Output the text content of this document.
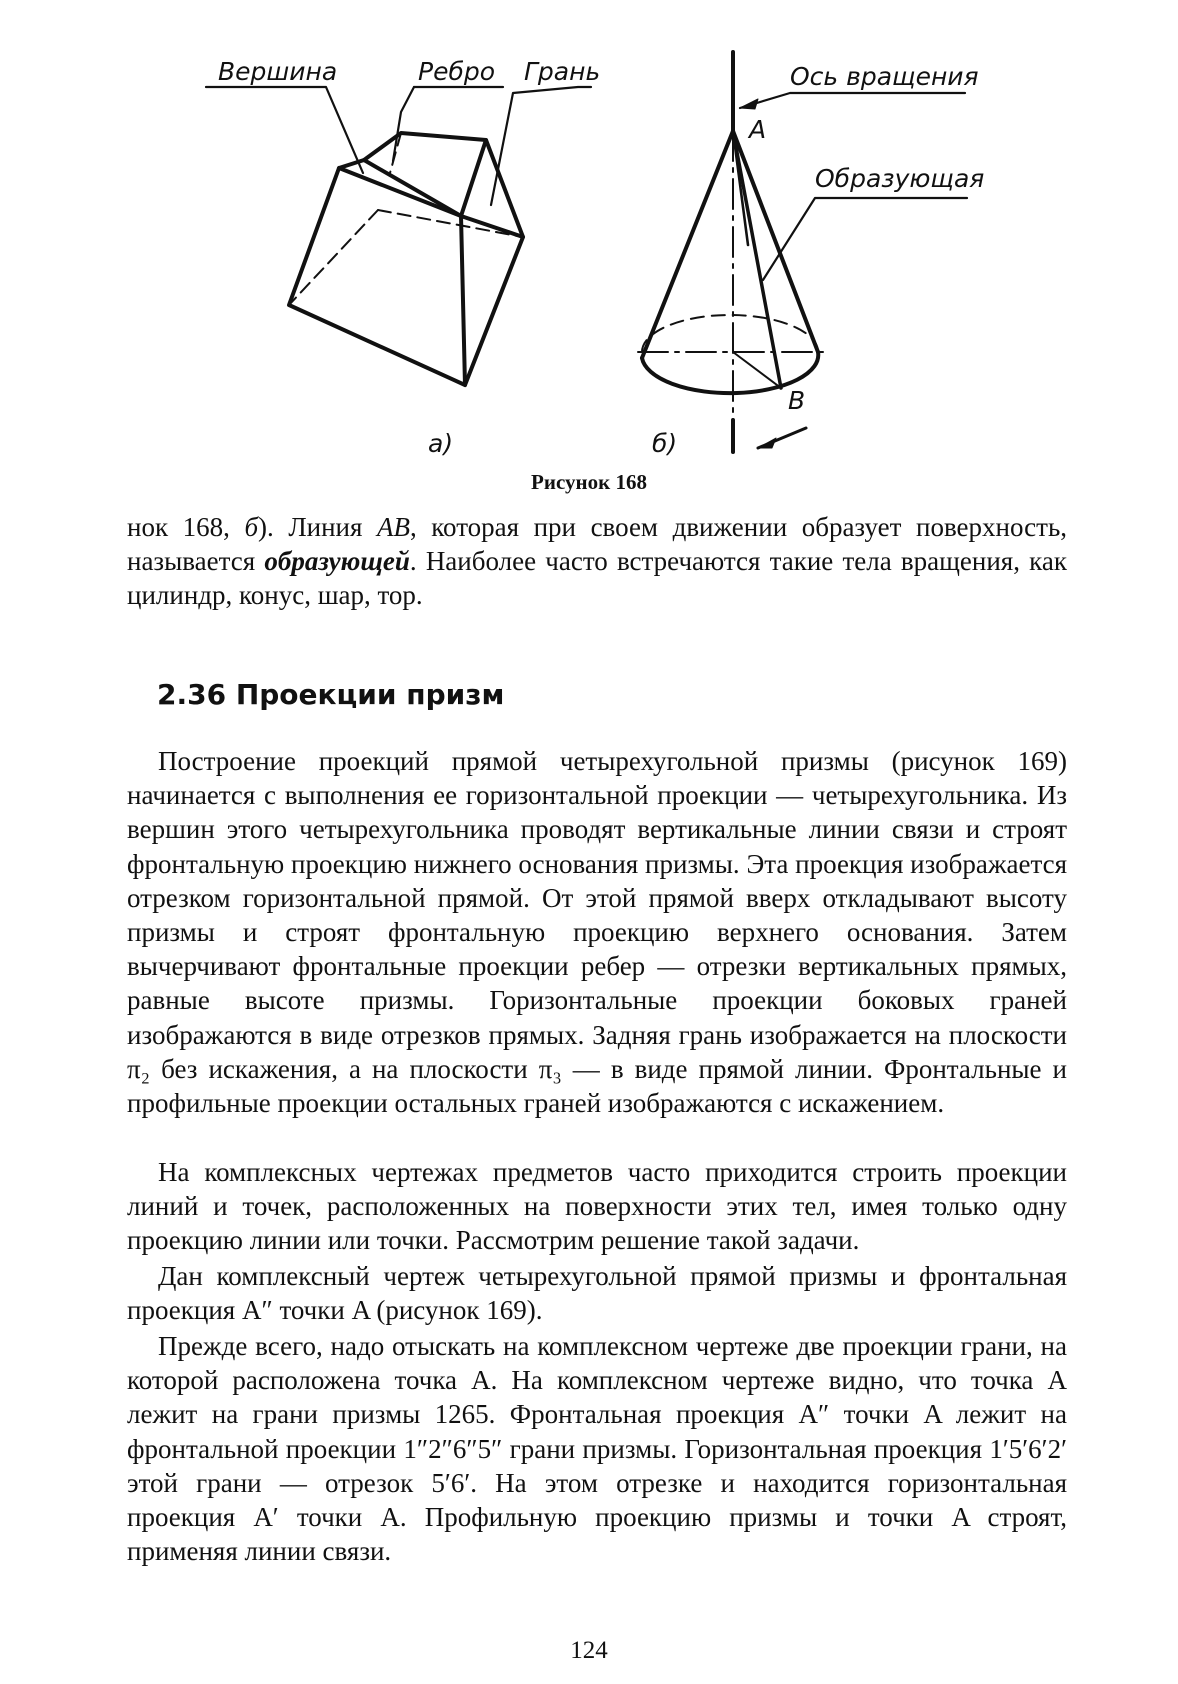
Вершина	Ребро Грань	Ось вращения
Образующая
A
B
а)	б)
Рисунок 168

нок 168, б). Линия AB, которая при своем движении образует поверхность, называется образующей. Наиболее часто встречаются такие тела вращения, как цилиндр, конус, шар, тор.

2.36 Проекции призм

Построение проекций прямой четырехугольной призмы (рисунок 169) начинается с выполнения ее горизонтальной проекции — четырехугольника. Из вершин этого четырехугольника проводят вертикальные линии связи и строят фронтальную проекцию нижнего основания призмы. Эта проекция изображается отрезком горизонтальной прямой. От этой прямой вверх откладывают высоту призмы и строят фронтальную проекцию верхнего основания. Затем вычерчивают фронтальные проекции ребер — отрезки вертикальных прямых, равные высоте призмы. Горизонтальные проекции боковых граней изображаются в виде отрезков прямых. Задняя грань изображается на плоскости π₂ без искажения, а на плоскости π₃ — в виде прямой линии. Фронтальные и профильные проекции остальных граней изображаются с искажением.

На комплексных чертежах предметов часто приходится строить проекции линий и точек, расположенных на поверхности этих тел, имея только одну проекцию линии или точки. Рассмотрим решение такой задачи.

Дан комплексный чертеж четырехугольной прямой призмы и фронтальная проекция A″ точки A (рисунок 169).

Прежде всего, надо отыскать на комплексном чертеже две проекции грани, на которой расположена точка A. На комплексном чертеже видно, что точка A лежит на грани призмы 1265. Фронтальная проекция A″ точки A лежит на фронтальной проекции 1″2″6″5″ грани призмы. Горизонтальная проекция 1′5′6′2′ этой грани — отрезок 5′6′. На этом отрезке и находится горизонтальная проекция A′ точки A. Профильную проекцию призмы и точки A строят, применяя линии связи.

124
